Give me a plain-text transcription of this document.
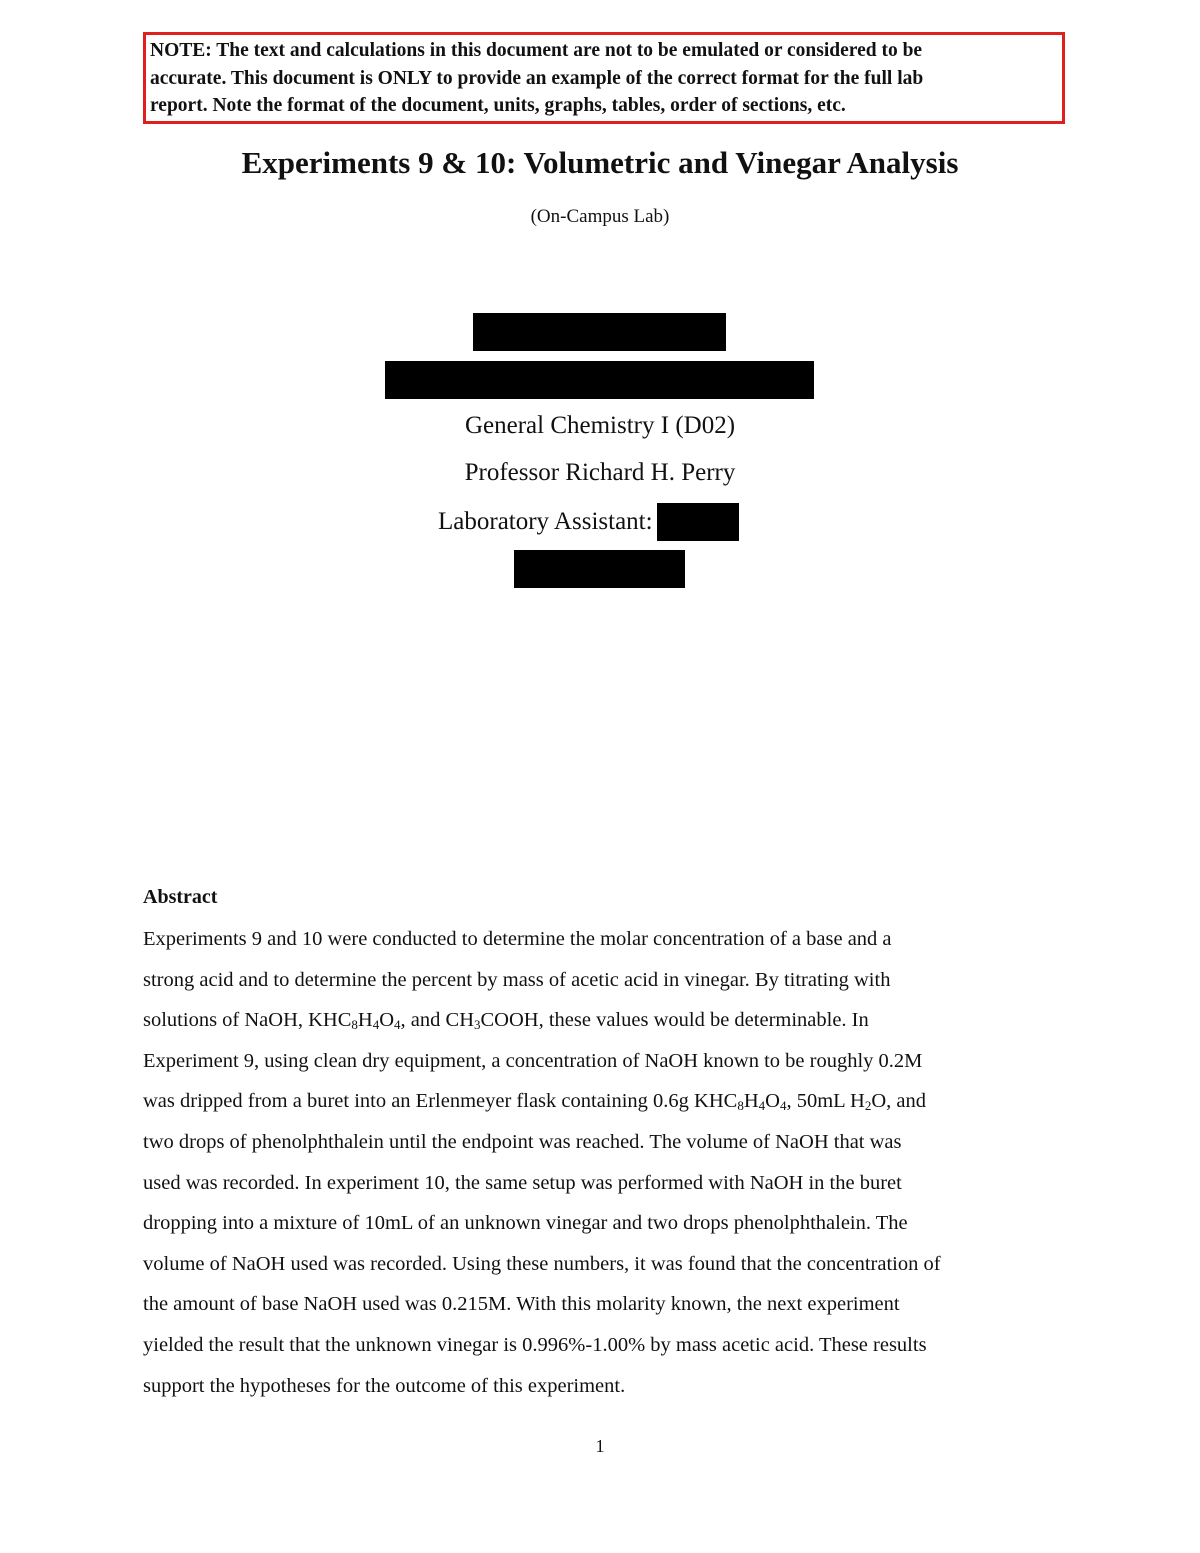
NOTE: The text and calculations in this document are not to be emulated or considered to be
accurate. This document is ONLY to provide an example of the correct format for the full lab
report. Note the format of the document, units, graphs, tables, order of sections, etc.
Experiments 9 & 10: Volumetric and Vinegar Analysis
(On-Campus Lab)
General Chemistry I (D02)
Professor Richard H. Perry
Laboratory Assistant:
Abstract
Experiments 9 and 10 were conducted to determine the molar concentration of a base and a
strong acid and to determine the percent by mass of acetic acid in vinegar. By titrating with
solutions of NaOH, $KHC_8H_4O_4$, and $CH_3COOH$, these values would be determinable. In
Experiment 9, using clean dry equipment, a concentration of NaOH known to be roughly 0.2M
was dripped from a buret into an Erlenmeyer flask containing 0.6g $KHC_8H_4O_4$, 50mL $H_2O$, and
two drops of phenolphthalein until the endpoint was reached. The volume of NaOH that was
used was recorded. In experiment 10, the same setup was performed with NaOH in the buret
dropping into a mixture of 10mL of an unknown vinegar and two drops phenolphthalein. The
volume of NaOH used was recorded. Using these numbers, it was found that the concentration of
the amount of base NaOH used was 0.215M. With this molarity known, the next experiment
yielded the result that the unknown vinegar is 0.996%-1.00% by mass acetic acid. These results
support the hypotheses for the outcome of this experiment.
1
